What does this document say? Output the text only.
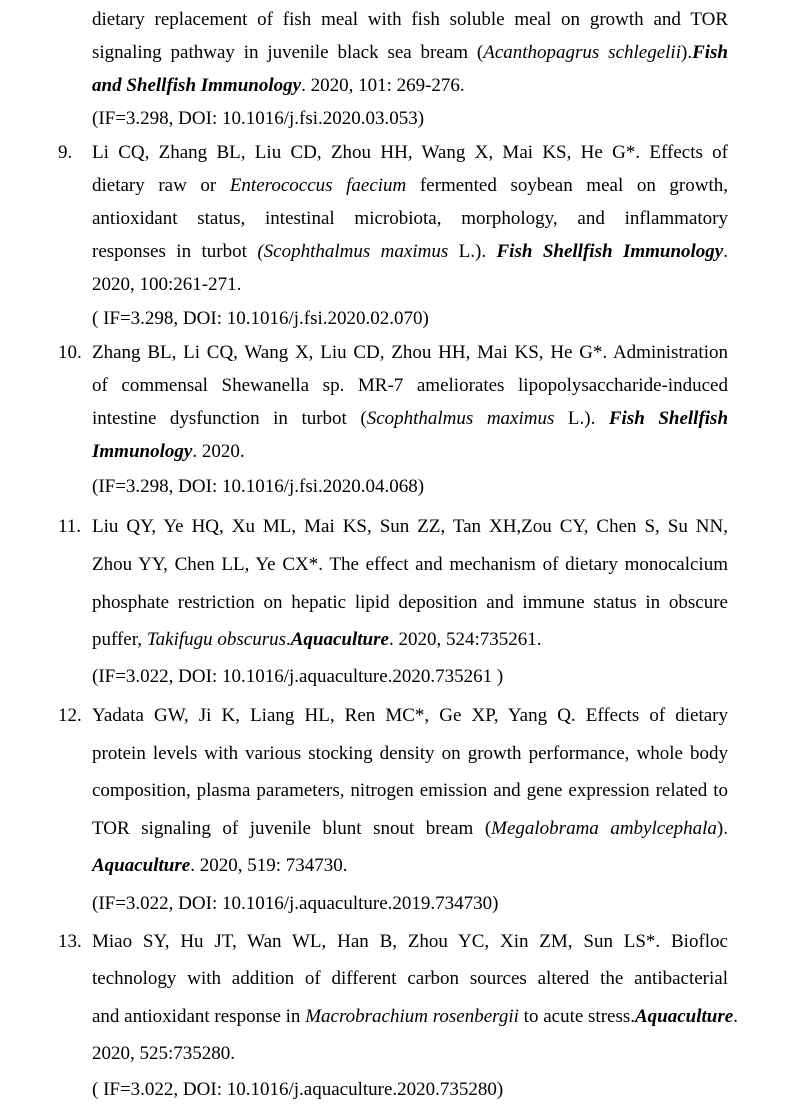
dietary replacement of fish meal with fish soluble meal on growth and TOR
signaling pathway in juvenile black sea bream (Acanthopagrus schlegelii).Fish
and Shellfish Immunology. 2020, 101: 269-276.
(IF=3.298, DOI: 10.1016/j.fsi.2020.03.053)
9. Li CQ, Zhang BL, Liu CD, Zhou HH, Wang X, Mai KS, He G*. Effects of
dietary raw or Enterococcus faecium fermented soybean meal on growth,
antioxidant status, intestinal microbiota, morphology, and inflammatory
responses in turbot (Scophthalmus maximus L.). Fish Shellfish Immunology.
2020, 100:261-271.
( IF=3.298, DOI: 10.1016/j.fsi.2020.02.070)
10. Zhang BL, Li CQ, Wang X, Liu CD, Zhou HH, Mai KS, He G*. Administration
of commensal Shewanella sp. MR-7 ameliorates lipopolysaccharide-induced
intestine dysfunction in turbot (Scophthalmus maximus L.). Fish Shellfish
Immunology. 2020.
(IF=3.298, DOI: 10.1016/j.fsi.2020.04.068)
11. Liu QY, Ye HQ, Xu ML, Mai KS, Sun ZZ, Tan XH,Zou CY, Chen S, Su NN,
Zhou YY, Chen LL, Ye CX*. The effect and mechanism of dietary monocalcium
phosphate restriction on hepatic lipid deposition and immune status in obscure
puffer, Takifugu obscurus.Aquaculture. 2020, 524:735261.
(IF=3.022, DOI: 10.1016/j.aquaculture.2020.735261 )
12. Yadata GW, Ji K, Liang HL, Ren MC*, Ge XP, Yang Q. Effects of dietary
protein levels with various stocking density on growth performance, whole body
composition, plasma parameters, nitrogen emission and gene expression related to
TOR signaling of juvenile blunt snout bream (Megalobrama ambylcephala).
Aquaculture. 2020, 519: 734730.
(IF=3.022, DOI: 10.1016/j.aquaculture.2019.734730)
13. Miao SY, Hu JT, Wan WL, Han B, Zhou YC, Xin ZM, Sun LS*. Biofloc
technology with addition of different carbon sources altered the antibacterial
and antioxidant response in Macrobrachium rosenbergii to acute stress.Aquaculture.
2020, 525:735280.
( IF=3.022, DOI: 10.1016/j.aquaculture.2020.735280)
